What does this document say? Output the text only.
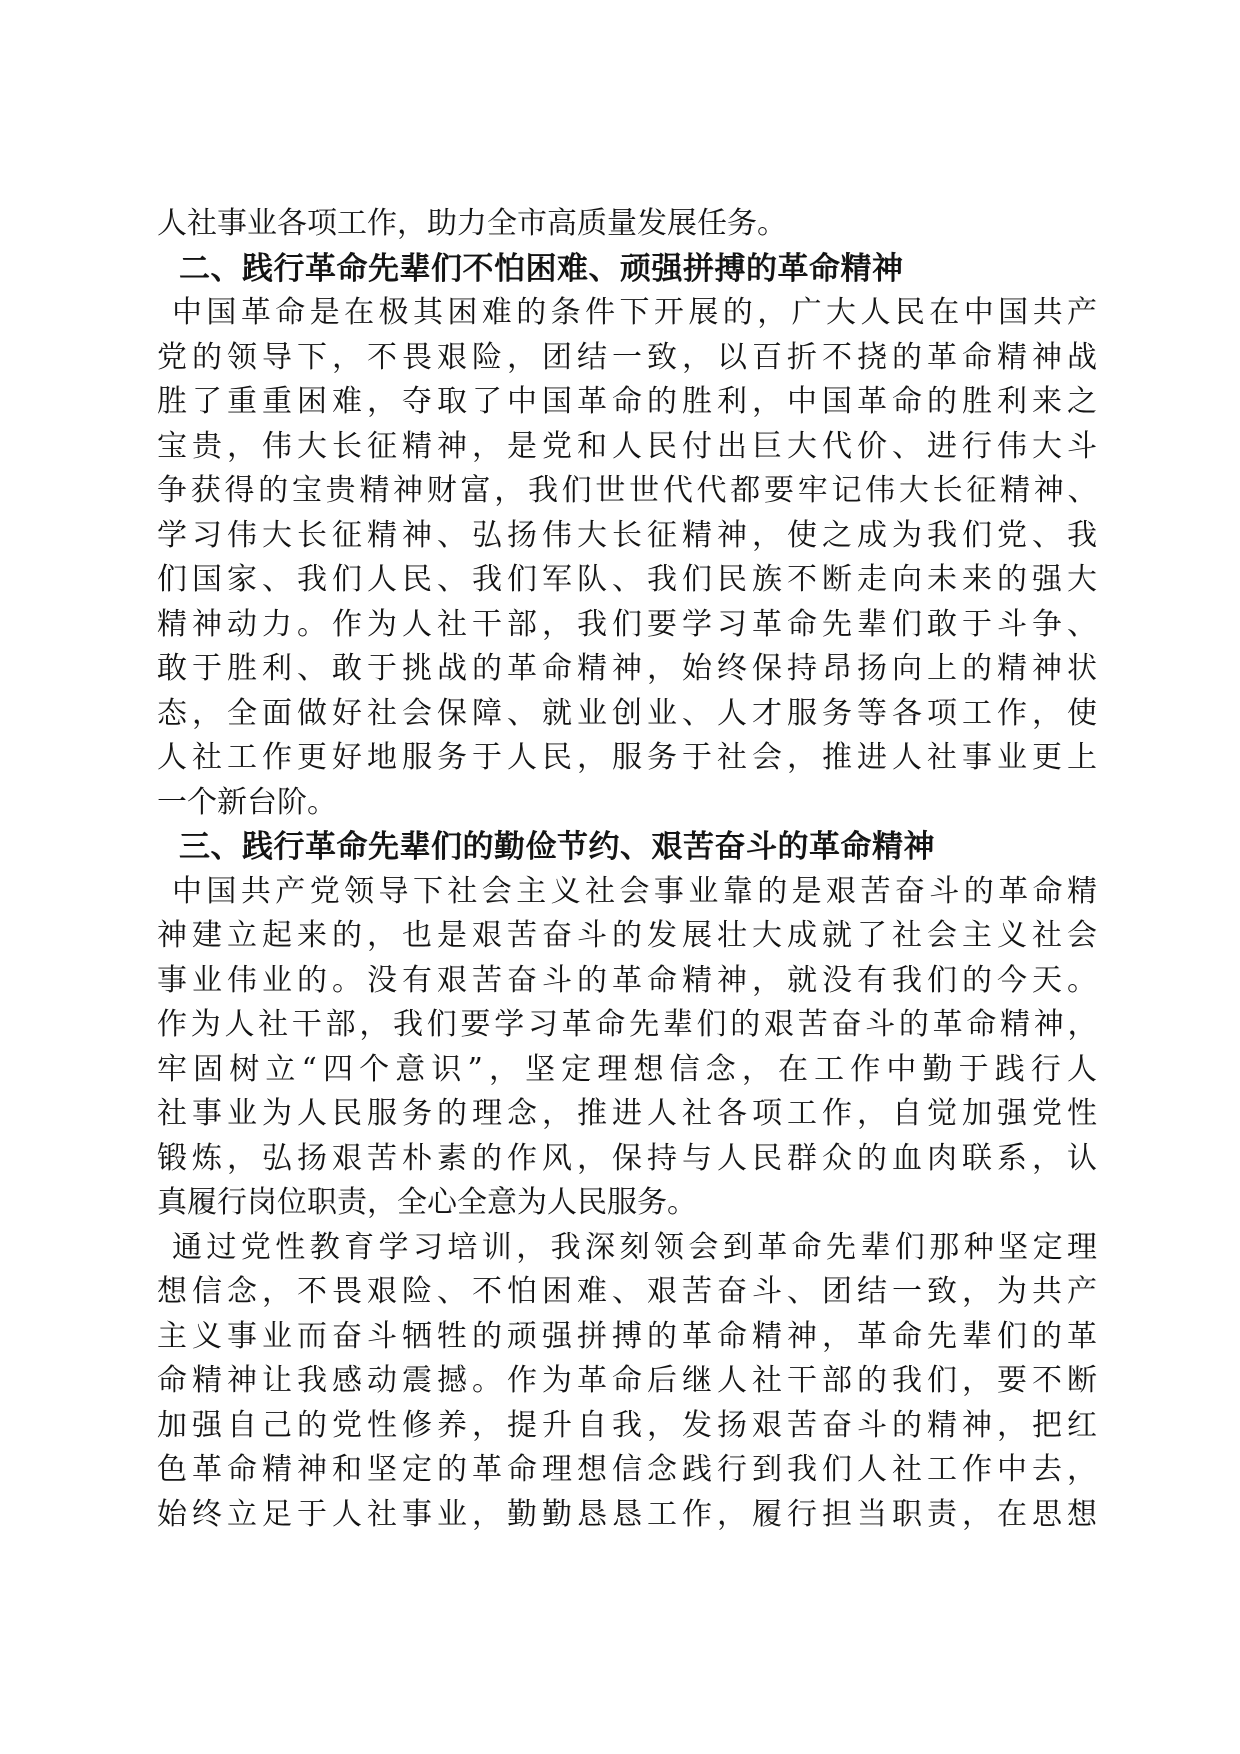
人社事业各项工作，助力全市高质量发展任务。
二、践行革命先辈们不怕困难、顽强拼搏的革命精神
中国革命是在极其困难的条件下开展的，广大人民在中国共产
党的领导下，不畏艰险，团结一致，以百折不挠的革命精神战
胜了重重困难，夺取了中国革命的胜利，中国革命的胜利来之
宝贵，伟大长征精神，是党和人民付出巨大代价、进行伟大斗
争获得的宝贵精神财富，我们世世代代都要牢记伟大长征精神、
学习伟大长征精神、弘扬伟大长征精神，使之成为我们党、我
们国家、我们人民、我们军队、我们民族不断走向未来的强大
精神动力。作为人社干部，我们要学习革命先辈们敢于斗争、
敢于胜利、敢于挑战的革命精神，始终保持昂扬向上的精神状
态，全面做好社会保障、就业创业、人才服务等各项工作，使
人社工作更好地服务于人民，服务于社会，推进人社事业更上
一个新台阶。
三、践行革命先辈们的勤俭节约、艰苦奋斗的革命精神
中国共产党领导下社会主义社会事业靠的是艰苦奋斗的革命精
神建立起来的，也是艰苦奋斗的发展壮大成就了社会主义社会
事业伟业的。没有艰苦奋斗的革命精神，就没有我们的今天。
作为人社干部，我们要学习革命先辈们的艰苦奋斗的革命精神，
牢固树立“四个意识”，坚定理想信念，在工作中勤于践行人
社事业为人民服务的理念，推进人社各项工作，自觉加强党性
锻炼，弘扬艰苦朴素的作风，保持与人民群众的血肉联系，认
真履行岗位职责，全心全意为人民服务。
通过党性教育学习培训，我深刻领会到革命先辈们那种坚定理
想信念，不畏艰险、不怕困难、艰苦奋斗、团结一致，为共产
主义事业而奋斗牺牲的顽强拼搏的革命精神，革命先辈们的革
命精神让我感动震撼。作为革命后继人社干部的我们，要不断
加强自己的党性修养，提升自我，发扬艰苦奋斗的精神，把红
色革命精神和坚定的革命理想信念践行到我们人社工作中去，
始终立足于人社事业，勤勤恳恳工作，履行担当职责，在思想
